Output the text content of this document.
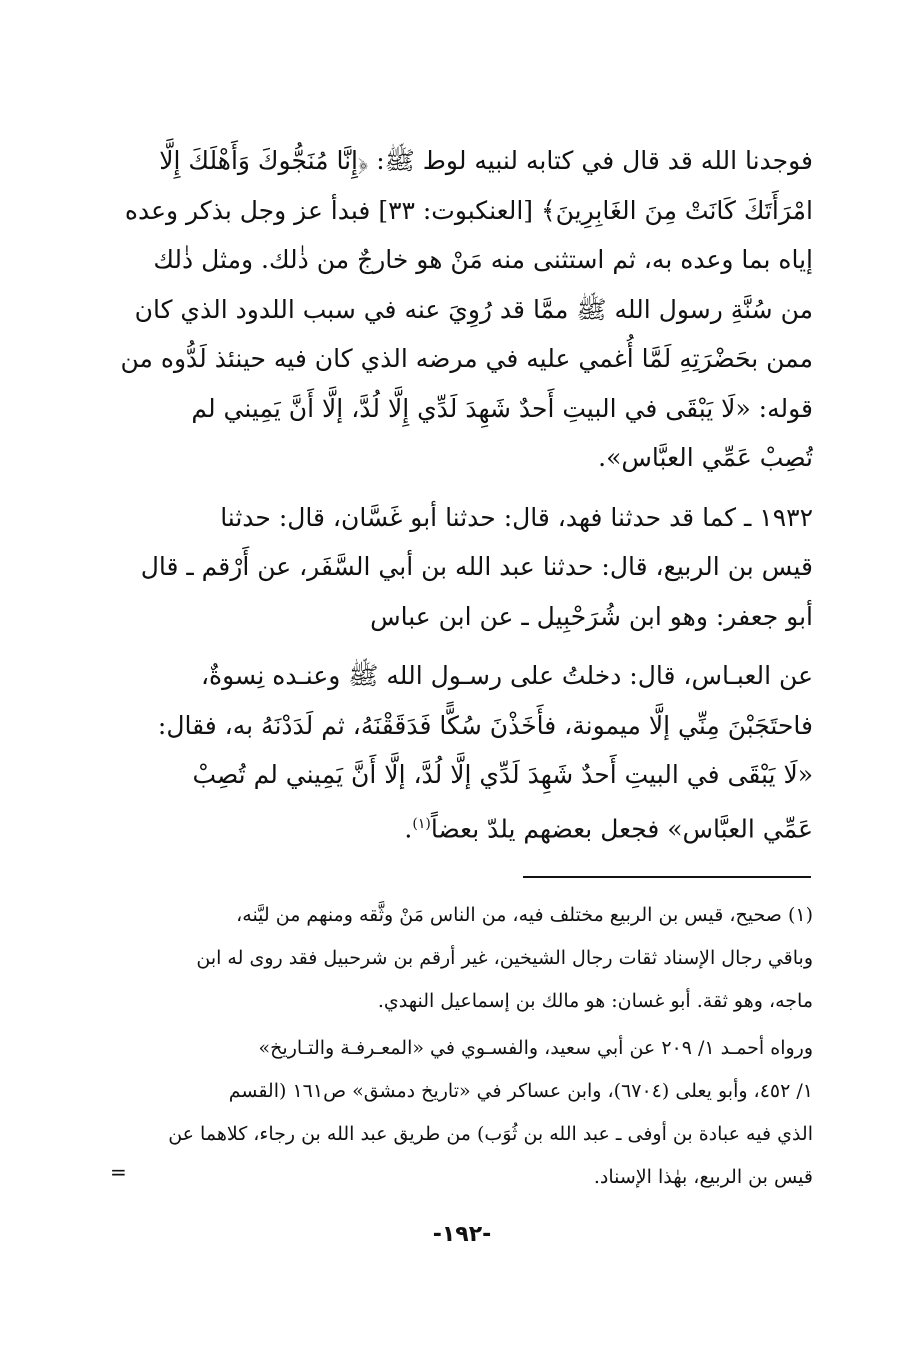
فوجدنا الله قد قال في كتابه لنبيه لوط ﷺ: ﴿إِنَّا مُنَجُّوكَ وَأَهْلَكَ إِلَّا
امْرَأَتَكَ كَانَتْ مِنَ الغَابِرِينَ﴾ [العنكبوت: ٣٣] فبدأ عز وجل بذكر وعده
إياه بما وعده به، ثم استثنى منه مَنْ هو خارجٌ من ذٰلك. ومثل ذٰلك
من سُنَّةِ رسول الله ﷺ ممَّا قد رُوِيَ عنه في سبب اللدود الذي كان
ممن بحَضْرَتِهِ لَمَّا أُغمي عليه في مرضه الذي كان فيه حينئذ لَدُّوه من
قوله: «لَا يَبْقَى في البيتِ أَحدٌ شَهِدَ لَدِّي إِلَّا لُدَّ، إلَّا أَنَّ يَمِيني لم
تُصِبْ عَمِّي العبَّاس».

١٩٣٢ ـ كما قد حدثنا فهد، قال: حدثنا أبو غَسَّان، قال: حدثنا
قيس بن الربيع، قال: حدثنا عبد الله بن أبي السَّفَر، عن أَرْقم ـ قال
أبو جعفر: وهو ابن شُرَحْبِيل ـ عن ابن عباس

عن العبـاس، قال: دخلتُ على رسـول الله ﷺ وعنـده نِسوةٌ،
فاحتَجَبْنَ مِنِّي إلَّا ميمونة، فأَخَذْنَ سُكًّا فَدَقَقْنَهُ، ثم لَدَدْنَهُ به، فقال:
«لَا يَبْقَى في البيتِ أَحدٌ شَهِدَ لَدِّي إلَّا لُدَّ، إلَّا أَنَّ يَمِيني لم تُصِبْ
عَمِّي العبَّاس» فجعل بعضهم يلدّ بعضاً$^{(١)}$.

(١) صحيح، قيس بن الربيع مختلف فيه، من الناس مَنْ وثَّقه ومنهم من ليَّنه،
وباقي رجال الإسناد ثقات رجال الشيخين، غير أرقم بن شرحبيل فقد روى له ابن
ماجه، وهو ثقة. أبو غسان: هو مالك بن إسماعيل النهدي.

ورواه أحمـد ١/ ٢٠٩ عن أبي سعيد، والفسـوي في «المعـرفـة والتـاريخ»
١/ ٤٥٢، وأبو يعلى (٦٧٠٤)، وابن عساكر في «تاريخ دمشق» ص١٦١ (القسم
الذي فيه عبادة بن أوفى ـ عبد الله بن ثُوَب) من طريق عبد الله بن رجاء، كلاهما عن
قيس بن الربيع، بهٰذا الإسناد.

=
-١٩٢-
